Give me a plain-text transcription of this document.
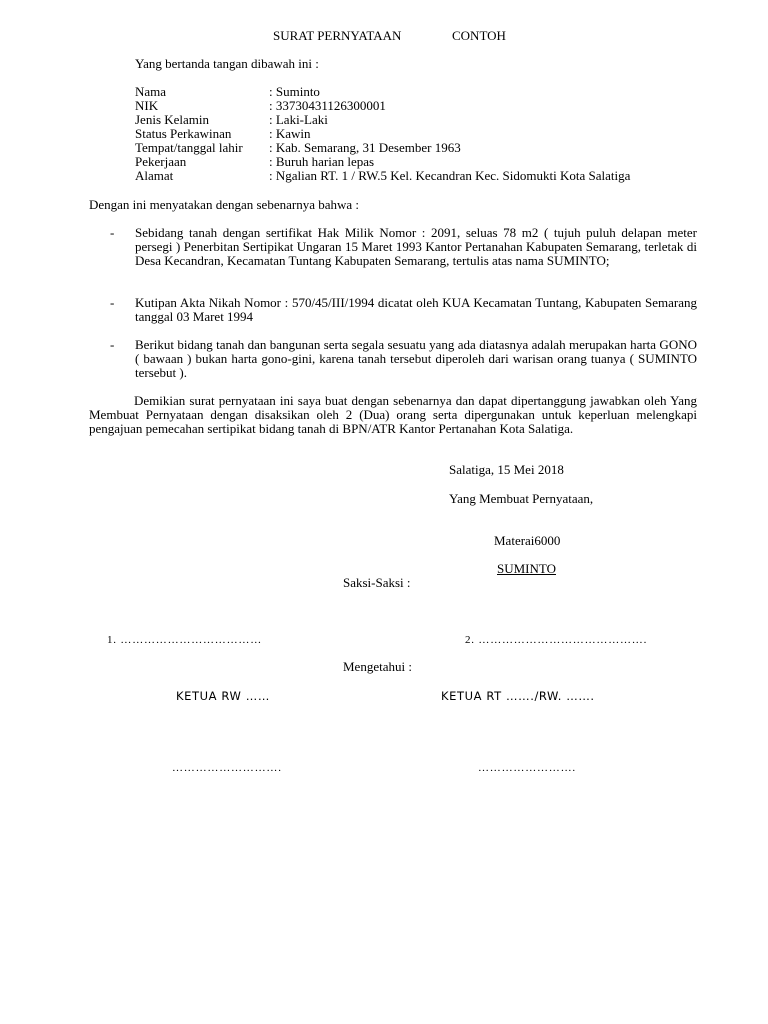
SURAT PERNYATAAN	CONTOH
Yang bertanda tangan dibawah ini :
Nama	: Suminto
NIK	: 33730431126300001
Jenis Kelamin	: Laki-Laki
Status Perkawinan	: Kawin
Tempat/tanggal lahir : Kab. Semarang, 31 Desember 1963
Pekerjaan	: Buruh harian lepas
Alamat	: Ngalian RT. 1 / RW.5 Kel. Kecandran Kec. Sidomukti Kota Salatiga
Dengan ini menyatakan dengan sebenarnya bahwa :
- Sebidang tanah dengan sertifikat Hak Milik Nomor : 2091, seluas 78 m2 ( tujuh puluh delapan meter persegi ) Penerbitan Sertipikat Ungaran 15 Maret 1993 Kantor Pertanahan Kabupaten Semarang, terletak di Desa Kecandran, Kecamatan Tuntang Kabupaten Semarang, tertulis atas nama SUMINTO;
- Kutipan Akta Nikah Nomor : 570/45/III/1994 dicatat oleh KUA Kecamatan Tuntang, Kabupaten Semarang tanggal 03 Maret 1994
- Berikut bidang tanah dan bangunan serta segala sesuatu yang ada diatasnya adalah merupakan harta GONO ( bawaan ) bukan harta gono-gini, karena tanah tersebut diperoleh dari warisan orang tuanya ( SUMINTO tersebut ).
Demikian surat pernyataan ini saya buat dengan sebenarnya dan dapat dipertanggung jawabkan oleh Yang Membuat Pernyataan dengan disaksikan oleh 2 (Dua) orang serta dipergunakan untuk keperluan melengkapi pengajuan pemecahan sertipikat bidang tanah di BPN/ATR Kantor Pertanahan Kota Salatiga.
Salatiga, 15 Mei 2018
Yang Membuat Pernyataan,
Materai6000
SUMINTO
Saksi-Saksi :
1. ………………………………	2. …………………………………….
Mengetahui :
KETUA RW ……	KETUA RT ……./RW. …….
……………………….	…………………….
